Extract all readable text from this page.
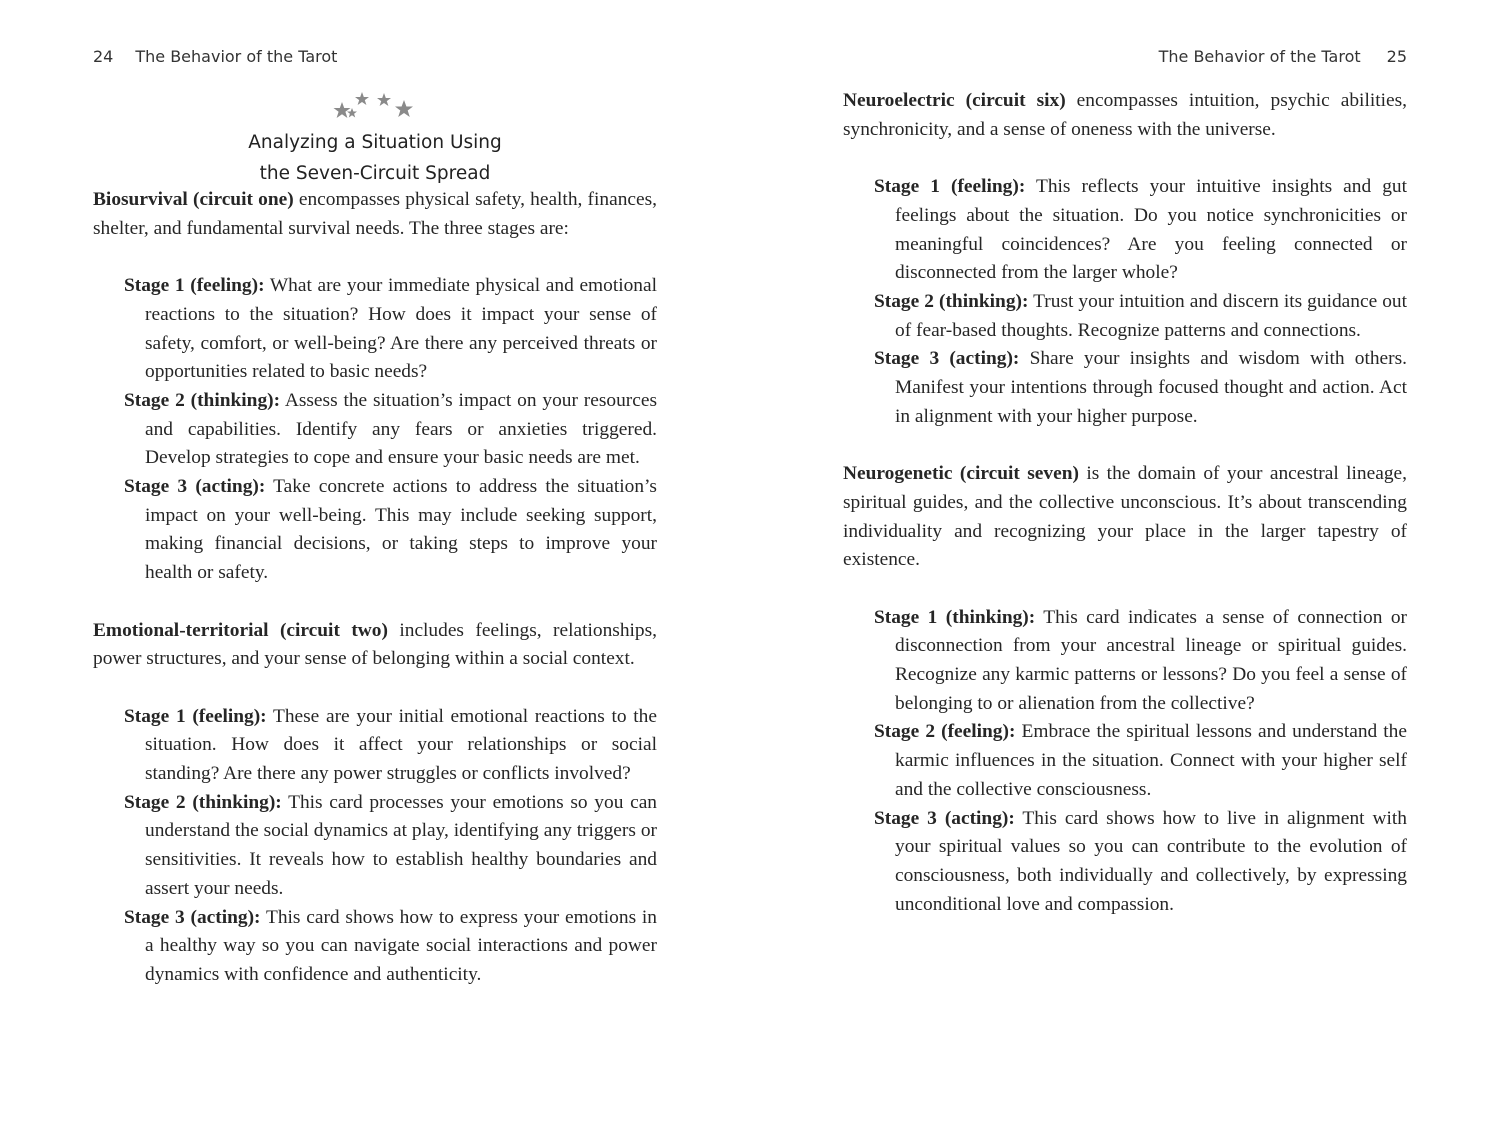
24 The Behavior of the Tarot
Analyzing a Situation Using
the Seven-Circuit Spread

Biosurvival (circuit one) encompasses physical safety, health, finances, shelter, and fundamental survival needs. The three stages are:

Stage 1 (feeling): What are your immediate physical and emotional reactions to the situation? How does it impact your sense of safety, comfort, or well-being? Are there any perceived threats or opportunities related to basic needs?

Stage 2 (thinking): Assess the situation’s impact on your resources and capabilities. Identify any fears or anxieties triggered. Develop strategies to cope and ensure your basic needs are met.

Stage 3 (acting): Take concrete actions to address the situation’s impact on your well-being. This may include seeking support, making financial decisions, or taking steps to improve your health or safety.

Emotional-territorial (circuit two) includes feelings, relationships, power structures, and your sense of belonging within a social context.

Stage 1 (feeling): These are your initial emotional reactions to the situation. How does it affect your relationships or social standing? Are there any power struggles or conflicts involved?

Stage 2 (thinking): This card processes your emotions so you can understand the social dynamics at play, identifying any triggers or sensitivities. It reveals how to establish healthy boundaries and assert your needs.

Stage 3 (acting): This card shows how to express your emotions in a healthy way so you can navigate social interactions and power dynamics with confidence and authenticity.

The Behavior of the Tarot 25

Neuroelectric (circuit six) encompasses intuition, psychic abilities, synchronicity, and a sense of oneness with the universe.

Stage 1 (feeling): This reflects your intuitive insights and gut feelings about the situation. Do you notice synchronicities or meaningful coincidences? Are you feeling connected or disconnected from the larger whole?

Stage 2 (thinking): Trust your intuition and discern its guidance out of fear-based thoughts. Recognize patterns and connections.

Stage 3 (acting): Share your insights and wisdom with others. Manifest your intentions through focused thought and action. Act in alignment with your higher purpose.

Neurogenetic (circuit seven) is the domain of your ancestral lineage, spiritual guides, and the collective unconscious. It’s about transcending individuality and recognizing your place in the larger tapestry of existence.

Stage 1 (thinking): This card indicates a sense of connection or disconnection from your ancestral lineage or spiritual guides. Recognize any karmic patterns or lessons? Do you feel a sense of belonging to or alienation from the collective?

Stage 2 (feeling): Embrace the spiritual lessons and understand the karmic influences in the situation. Connect with your higher self and the collective consciousness.

Stage 3 (acting): This card shows how to live in alignment with your spiritual values so you can contribute to the evolution of consciousness, both individually and collectively, by expressing unconditional love and compassion.
